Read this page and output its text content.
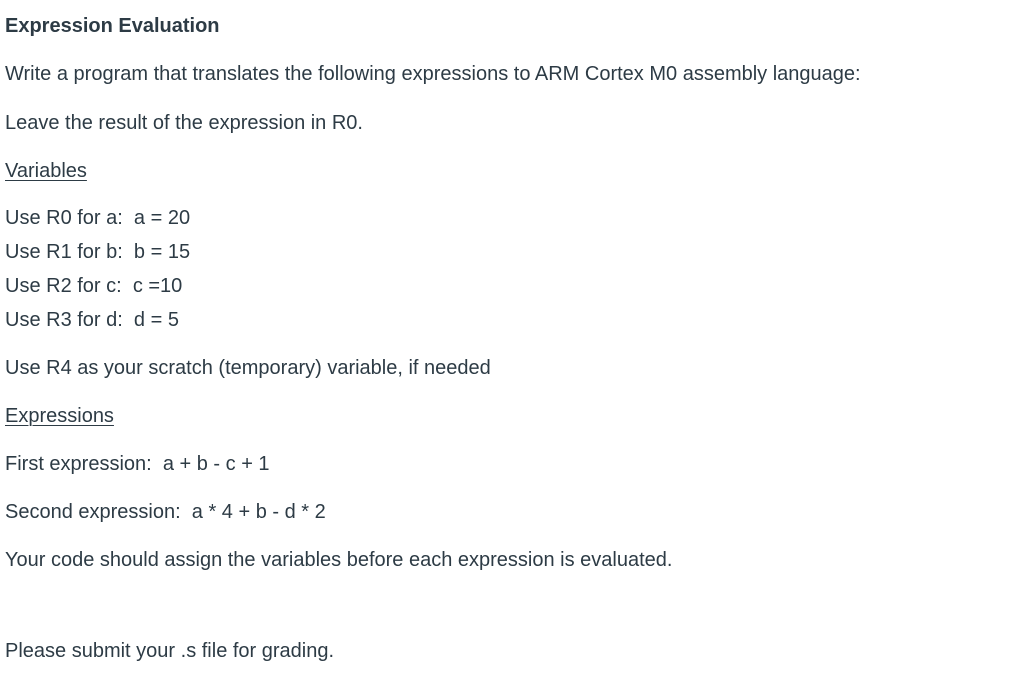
Expression Evaluation

Write a program that translates the following expressions to ARM Cortex M0 assembly language:

Leave the result of the expression in R0.

Variables

Use R0 for a:  a = 20
Use R1 for b:  b = 15
Use R2 for c:  c =10
Use R3 for d:  d = 5

Use R4 as your scratch (temporary) variable, if needed

Expressions

First expression:  a + b - c + 1

Second expression:  a * 4 + b - d * 2

Your code should assign the variables before each expression is evaluated.

Please submit your .s file for grading.
